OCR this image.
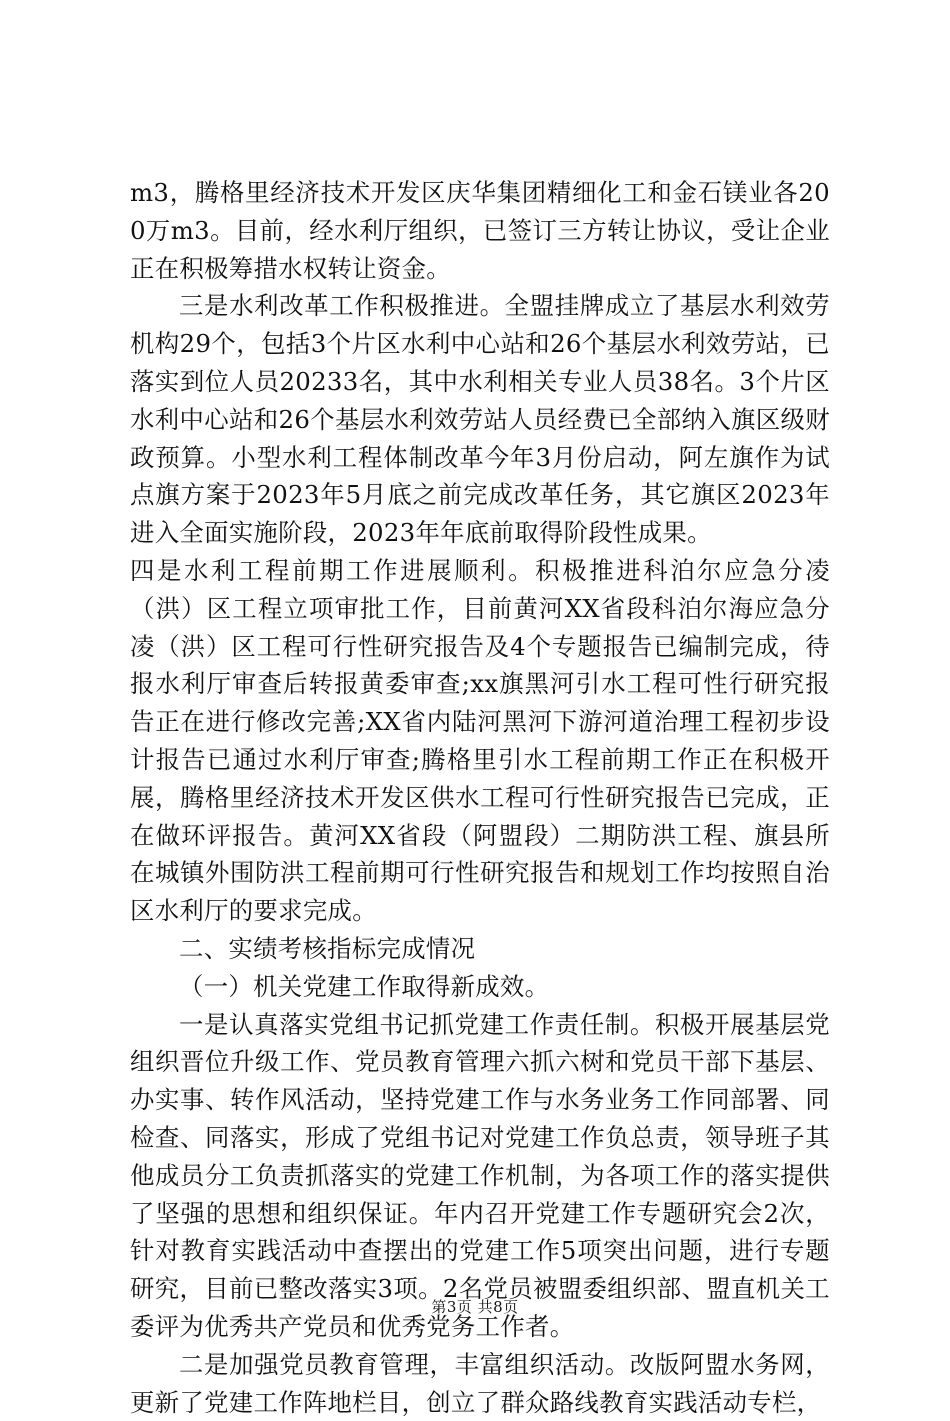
m3，腾格里经济技术开发区庆华集团精细化工和金石镁业各200万m3。目前，经水利厅组织，已签订三方转让协议，受让企业正在积极筹措水权转让资金。

三是水利改革工作积极推进。全盟挂牌成立了基层水利效劳机构29个，包括3个片区水利中心站和26个基层水利效劳站，已落实到位人员20233名，其中水利相关专业人员38名。3个片区水利中心站和26个基层水利效劳站人员经费已全部纳入旗区级财政预算。小型水利工程体制改革今年3月份启动，阿左旗作为试点旗方案于2023年5月底之前完成改革任务，其它旗区2023年进入全面实施阶段，2023年年底前取得阶段性成果。

四是水利工程前期工作进展顺利。积极推进科泊尔应急分凌（洪）区工程立项审批工作，目前黄河XX省段科泊尔海应急分凌（洪）区工程可行性研究报告及4个专题报告已编制完成，待报水利厅审查后转报黄委审查;xx旗黑河引水工程可性行研究报告正在进行修改完善;XX省内陆河黑河下游河道治理工程初步设计报告已通过水利厅审查;腾格里引水工程前期工作正在积极开展，腾格里经济技术开发区供水工程可行性研究报告已完成，正在做环评报告。黄河XX省段（阿盟段）二期防洪工程、旗县所在城镇外围防洪工程前期可行性研究报告和规划工作均按照自治区水利厅的要求完成。

二、实绩考核指标完成情况

（一）机关党建工作取得新成效。

一是认真落实党组书记抓党建工作责任制。积极开展基层党组织晋位升级工作、党员教育管理六抓六树和党员干部下基层、办实事、转作风活动，坚持党建工作与水务业务工作同部署、同检查、同落实，形成了党组书记对党建工作负总责，领导班子其他成员分工负责抓落实的党建工作机制，为各项工作的落实提供了坚强的思想和组织保证。年内召开党建工作专题研究会2次，针对教育实践活动中查摆出的党建工作5项突出问题，进行专题研究，目前已整改落实3项。2名党员被盟委组织部、盟直机关工委评为优秀共产党员和优秀党务工作者。

二是加强党员教育管理，丰富组织活动。改版阿盟水务网，更新了党建工作阵地栏目，创立了群众路线教育实践活动专栏，

第3页 共8页
